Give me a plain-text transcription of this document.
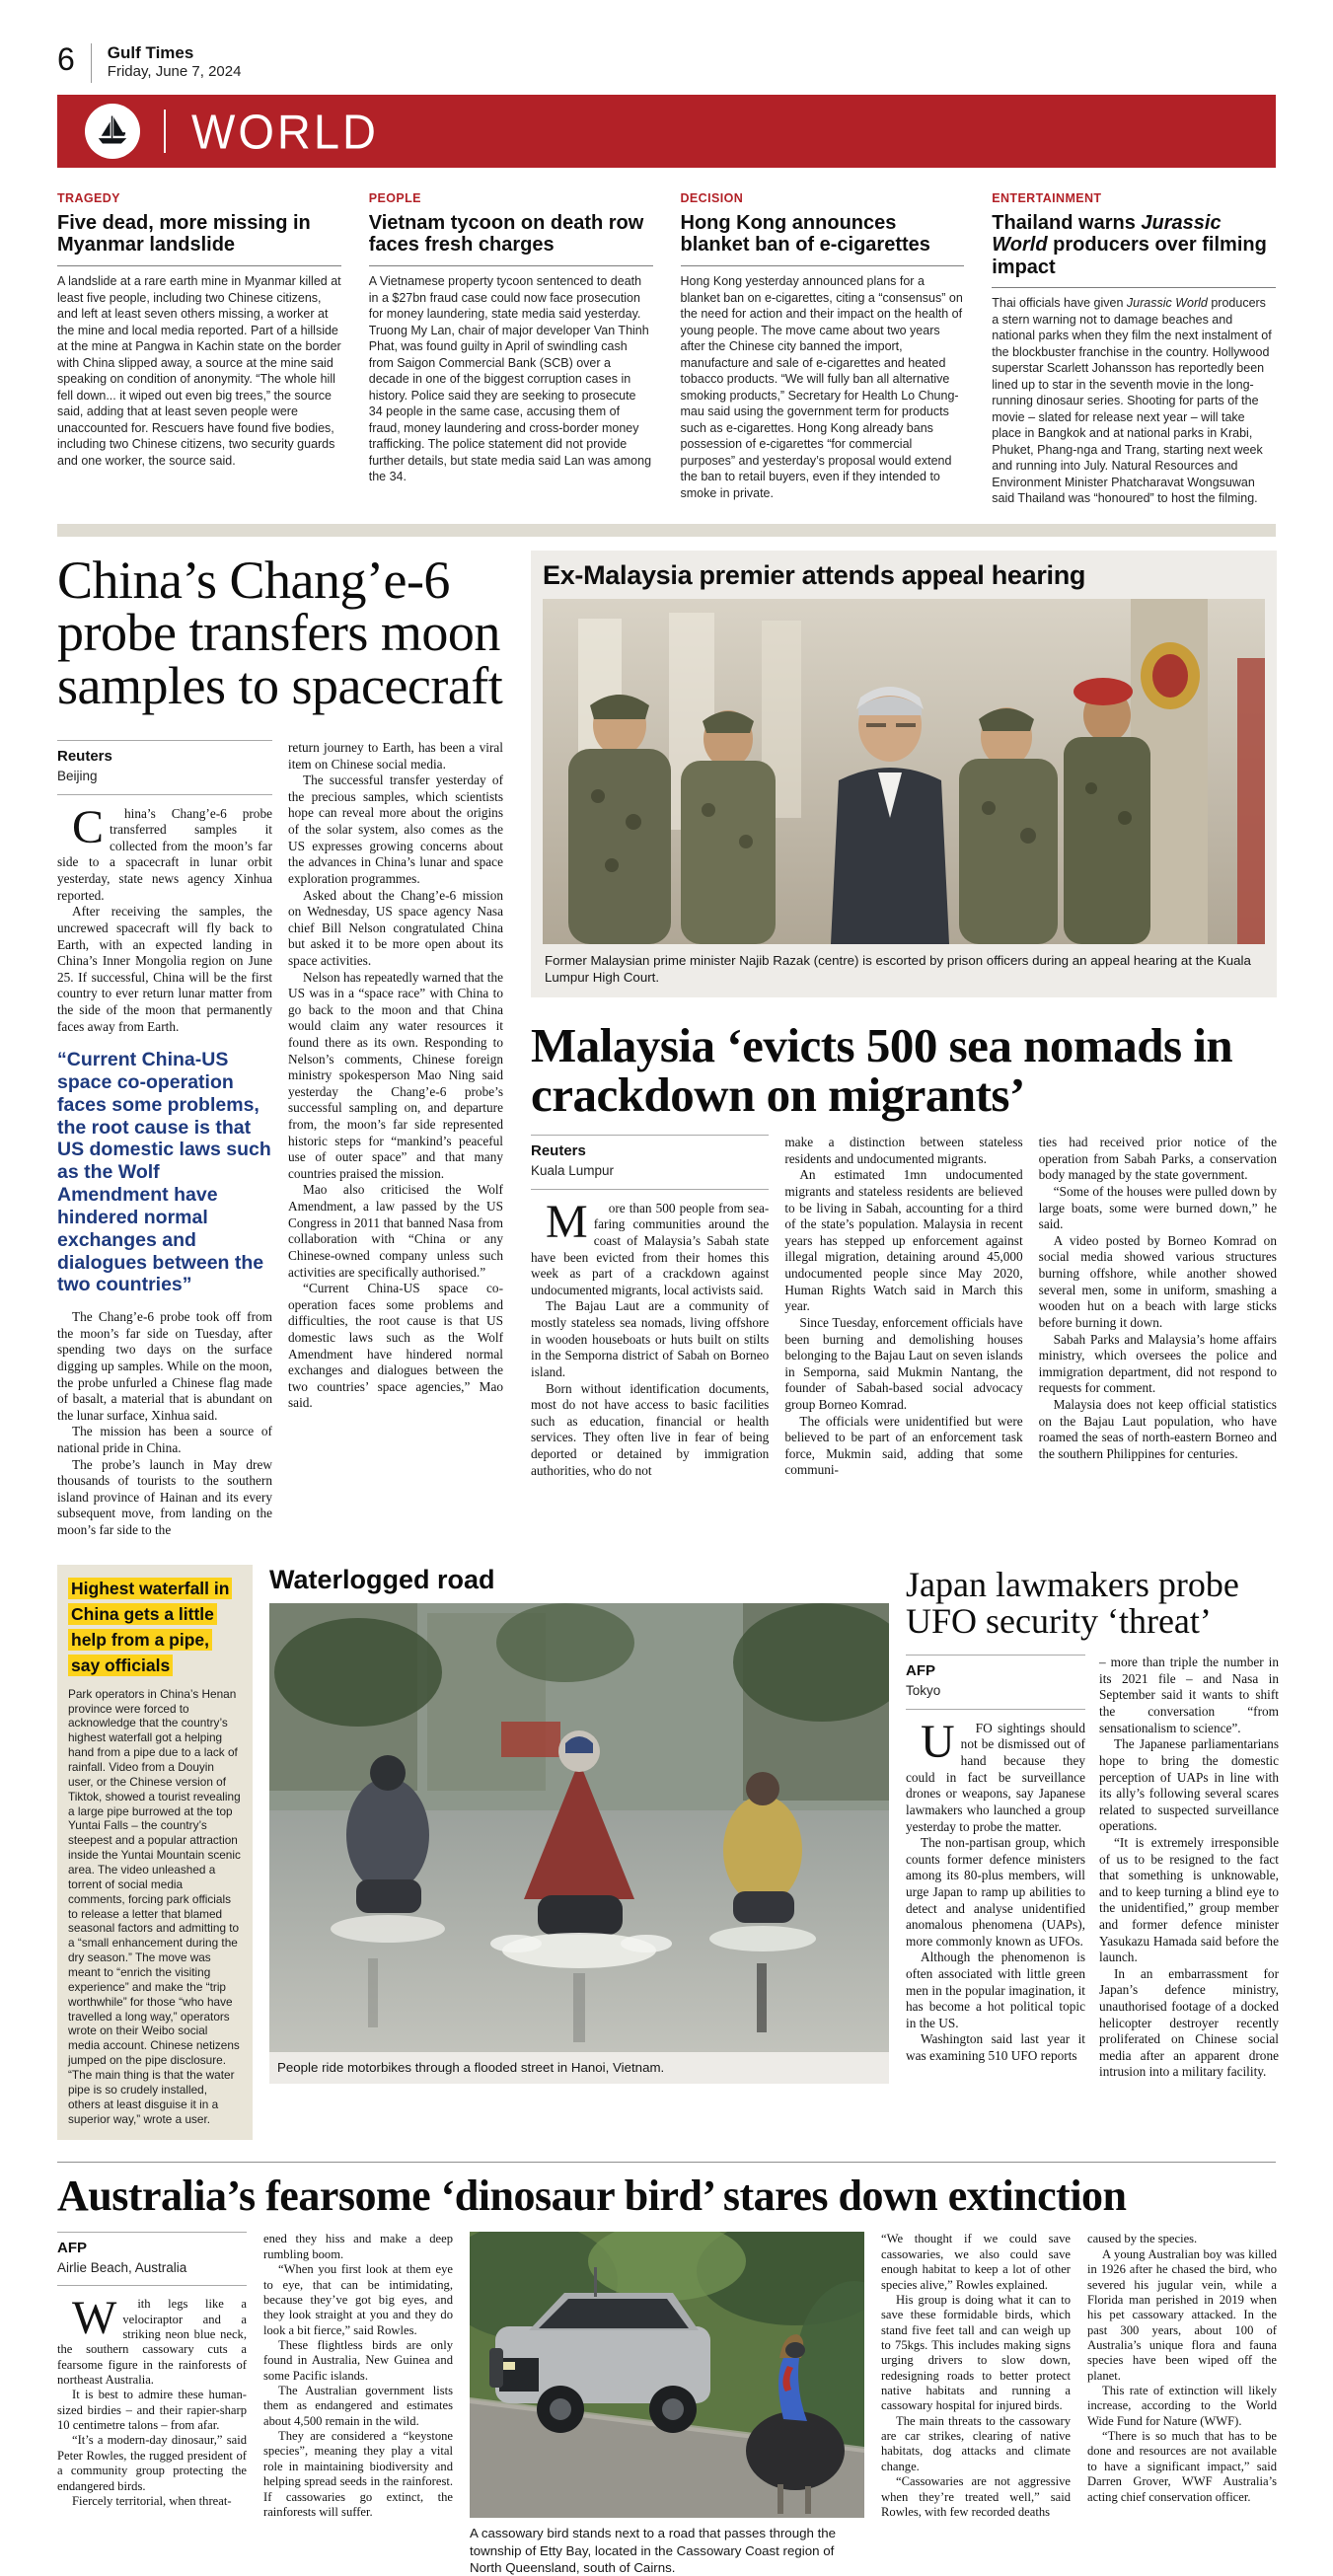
6 Gulf Times
Friday, June 7, 2024
WORLD
TRAGEDY
Five dead, more missing in Myanmar landslide

A landslide at a rare earth mine in Myanmar killed at least five people, including two Chinese citizens, and left at least seven others missing, a worker at the mine and local media reported. Part of a hillside at the mine at Pangwa in Kachin state on the border with China slipped away, a source at the mine said speaking on condition of anonymity. “The whole hill fell down... it wiped out even big trees,” the source said, adding that at least seven people were unaccounted for. Rescuers have found five bodies, including two Chinese citizens, two security guards and one worker, the source said.

PEOPLE
Vietnam tycoon on death row faces fresh charges

A Vietnamese property tycoon sentenced to death in a $27bn fraud case could now face prosecution for money laundering, state media said yesterday. Truong My Lan, chair of major developer Van Thinh Phat, was found guilty in April of swindling cash from Saigon Commercial Bank (SCB) over a decade in one of the biggest corruption cases in history. Police said they are seeking to prosecute 34 people in the same case, accusing them of fraud, money laundering and cross-border money trafficking. The police statement did not provide further details, but state media said Lan was among the 34.

DECISION
Hong Kong announces blanket ban of e-cigarettes

Hong Kong yesterday announced plans for a blanket ban on e-cigarettes, citing a “consensus” on the need for action and their impact on the health of young people. The move came about two years after the Chinese city banned the import, manufacture and sale of e-cigarettes and heated tobacco products. “We will fully ban all alternative smoking products,” Secretary for Health Lo Chung-mau said using the government term for products such as e-cigarettes. Hong Kong already bans possession of e-cigarettes “for commercial purposes” and yesterday’s proposal would extend the ban to retail buyers, even if they intended to smoke in private.

ENTERTAINMENT
Thailand warns Jurassic World producers over filming impact

Thai officials have given Jurassic World producers a stern warning not to damage beaches and national parks when they film the next instalment of the blockbuster franchise in the country. Hollywood superstar Scarlett Johansson has reportedly been lined up to star in the seventh movie in the long-running dinosaur series. Shooting for parts of the movie – slated for release next year – will take place in Bangkok and at national parks in Krabi, Phuket, Phang-nga and Trang, starting next week and running into July. Natural Resources and Environment Minister Phatcharavat Wongsuwan said Thailand was “honoured” to host the filming.

China’s Chang’e-6 probe transfers moon samples to spacecraft
Reuters
Beijing

China’s Chang’e-6 probe transferred samples it collected from the moon’s far side to a spacecraft in lunar orbit yesterday, state news agency Xinhua reported.

After receiving the samples, the uncrewed spacecraft will fly back to Earth, with an expected landing in China’s Inner Mongolia region on June 25. If successful, China will be the first country to ever return lunar matter from the side of the moon that permanently faces away from Earth.

“Current China-US space co-operation faces some problems, the root cause is that US domestic laws such as the Wolf Amendment have hindered normal exchanges and dialogues between the two countries”

The Chang’e-6 probe took off from the moon’s far side on Tuesday, after spending two days on the surface digging up samples. While on the moon, the probe unfurled a Chinese flag made of basalt, a material that is abundant on the lunar surface, Xinhua said.

The mission has been a source of national pride in China.

The probe’s launch in May drew thousands of tourists to the southern island province of Hainan and its every subsequent move, from landing on the moon’s far side to the

return journey to Earth, has been a viral item on Chinese social media.

The successful transfer yesterday of the precious samples, which scientists hope can reveal more about the origins of the solar system, also comes as the US expresses growing concerns about the advances in China’s lunar and space exploration programmes.

Asked about the Chang’e-6 mission on Wednesday, US space agency Nasa chief Bill Nelson congratulated China but asked it to be more open about its space activities.

Nelson has repeatedly warned that the US was in a “space race” with China to go back to the moon and that China would claim any water resources it found there as its own. Responding to Nelson’s comments, Chinese foreign ministry spokesperson Mao Ning said yesterday the Chang’e-6 probe’s successful sampling on, and departure from, the moon’s far side represented historic steps for “mankind’s peaceful use of outer space” and that many countries praised the mission.

Mao also criticised the Wolf Amendment, a law passed by the US Congress in 2011 that banned Nasa from collaboration with “China or any Chinese-owned company unless such activities are specifically authorised.”

“Current China-US space co-operation faces some problems and difficulties, the root cause is that US domestic laws such as the Wolf Amendment have hindered normal exchanges and dialogues between the two countries’ space agencies,” Mao said.

Ex-Malaysia premier attends appeal hearing
Former Malaysian prime minister Najib Razak (centre) is escorted by prison officers during an appeal hearing at the Kuala Lumpur High Court.
Malaysia ‘evicts 500 sea nomads in crackdown on migrants’
Reuters
Kuala Lumpur

More than 500 people from sea-faring communities around the coast of Malaysia’s Sabah state have been evicted from their homes this week as part of a crackdown against undocumented migrants, local activists said.

The Bajau Laut are a community of mostly stateless sea nomads, living offshore in wooden houseboats or huts built on stilts in the Semporna district of Sabah on Borneo island.

Born without identification documents, most do not have access to basic facilities such as education, financial or health services. They often live in fear of being deported or detained by immigration authorities, who do not

make a distinction between stateless residents and undocumented migrants.

An estimated 1mn undocumented migrants and stateless residents are believed to be living in Sabah, accounting for a third of the state’s population. Malaysia in recent years has stepped up enforcement against illegal migration, detaining around 45,000 undocumented people since May 2020, Human Rights Watch said in March this year.

Since Tuesday, enforcement officials have been burning and demolishing houses belonging to the Bajau Laut on seven islands in Semporna, said Mukmin Nantang, the founder of Sabah-based social advocacy group Borneo Komrad.

The officials were unidentified but were believed to be part of an enforcement task force, Mukmin said, adding that some communi-

ties had received prior notice of the operation from Sabah Parks, a conservation body managed by the state government.

“Some of the houses were pulled down by large boats, some were burned down,” he said.

A video posted by Borneo Komrad on social media showed various structures burning offshore, while another showed several men, some in uniform, smashing a wooden hut on a beach with large sticks before burning it down.

Sabah Parks and Malaysia’s home affairs ministry, which oversees the police and immigration department, did not respond to requests for comment.

Malaysia does not keep official statistics on the Bajau Laut population, who have roamed the seas of north-eastern Borneo and the southern Philippines for centuries.

Highest waterfall in China gets a little help from a pipe, say officials

Park operators in China’s Henan province were forced to acknowledge that the country’s highest waterfall got a helping hand from a pipe due to a lack of rainfall. Video from a Douyin user, or the Chinese version of Tiktok, showed a tourist revealing a large pipe burrowed at the top Yuntai Falls – the country’s steepest and a popular attraction inside the Yuntai Mountain scenic area. The video unleashed a torrent of social media comments, forcing park officials to release a letter that blamed seasonal factors and admitting to a “small enhancement during the dry season.” The move was meant to “enrich the visiting experience” and make the “trip worthwhile” for those “who have travelled a long way,” operators wrote on their Weibo social media account. Chinese netizens jumped on the pipe disclosure. “The main thing is that the water pipe is so crudely installed, others at least disguise it in a superior way,” wrote a user.

Waterlogged road
People ride motorbikes through a flooded street in Hanoi, Vietnam.
Japan lawmakers probe UFO security ‘threat’
AFP
Tokyo

UFO sightings should not be dismissed out of hand because they could in fact be surveillance drones or weapons, say Japanese lawmakers who launched a group yesterday to probe the matter.

The non-partisan group, which counts former defence ministers among its 80-plus members, will urge Japan to ramp up abilities to detect and analyse unidentified anomalous phenomena (UAPs), more commonly known as UFOs.

Although the phenomenon is often associated with little green men in the popular imagination, it has become a hot political topic in the US.

Washington said last year it was examining 510 UFO reports

– more than triple the number in its 2021 file – and Nasa in September said it wants to shift the conversation “from sensationalism to science”.

The Japanese parliamentarians hope to bring the domestic perception of UAPs in line with its ally’s following several scares related to suspected surveillance operations.

“It is extremely irresponsible of us to be resigned to the fact that something is unknowable, and to keep turning a blind eye to the unidentified,” group member and former defence minister Yasukazu Hamada said before the launch.

In an embarrassment for Japan’s defence ministry, unauthorised footage of a docked helicopter destroyer recently proliferated on Chinese social media after an apparent drone intrusion into a military facility.

Australia’s fearsome ‘dinosaur bird’ stares down extinction
AFP
Airlie Beach, Australia

With legs like a velociraptor and a striking neon blue neck, the southern cassowary cuts a fearsome figure in the rainforests of northeast Australia.

It is best to admire these human-sized birdies – and their rapier-sharp 10 centimetre talons – from afar.

“It’s a modern-day dinosaur,” said Peter Rowles, the rugged president of a community group protecting the endangered birds.

Fiercely territorial, when threat-

ened they hiss and make a deep rumbling boom.

“When you first look at them eye to eye, that can be intimidating, because they’ve got big eyes, and they look straight at you and they do look a bit fierce,” said Rowles.

These flightless birds are only found in Australia, New Guinea and some Pacific islands.

The Australian government lists them as endangered and estimates about 4,500 remain in the wild.

They are considered a “keystone species”, meaning they play a vital role in maintaining biodiversity and helping spread seeds in the rainforest. If cassowaries go extinct, the rainforests will suffer.

A cassowary bird stands next to a road that passes through the township of Etty Bay, located in the Cassowary Coast region of North Queensland, south of Cairns.

“We thought if we could save cassowaries, we also could save enough habitat to keep a lot of other species alive,” Rowles explained.

His group is doing what it can to save these formidable birds, which stand five feet tall and can weigh up to 75kgs. This includes making signs urging drivers to slow down, redesigning roads to better protect native habitats and running a cassowary hospital for injured birds.

The main threats to the cassowary are car strikes, clearing of native habitats, dog attacks and climate change.

“Cassowaries are not aggressive when they’re treated well,” said Rowles, with few recorded deaths

caused by the species.

A young Australian boy was killed in 1926 after he chased the bird, who severed his jugular vein, while a Florida man perished in 2019 when his pet cassowary attacked. In the past 300 years, about 100 of Australia’s unique flora and fauna species have been wiped off the planet.

This rate of extinction will likely increase, according to the World Wide Fund for Nature (WWF).

“There is so much that has to be done and resources are not available to have a significant impact,” said Darren Grover, WWF Australia’s acting chief conservation officer.
